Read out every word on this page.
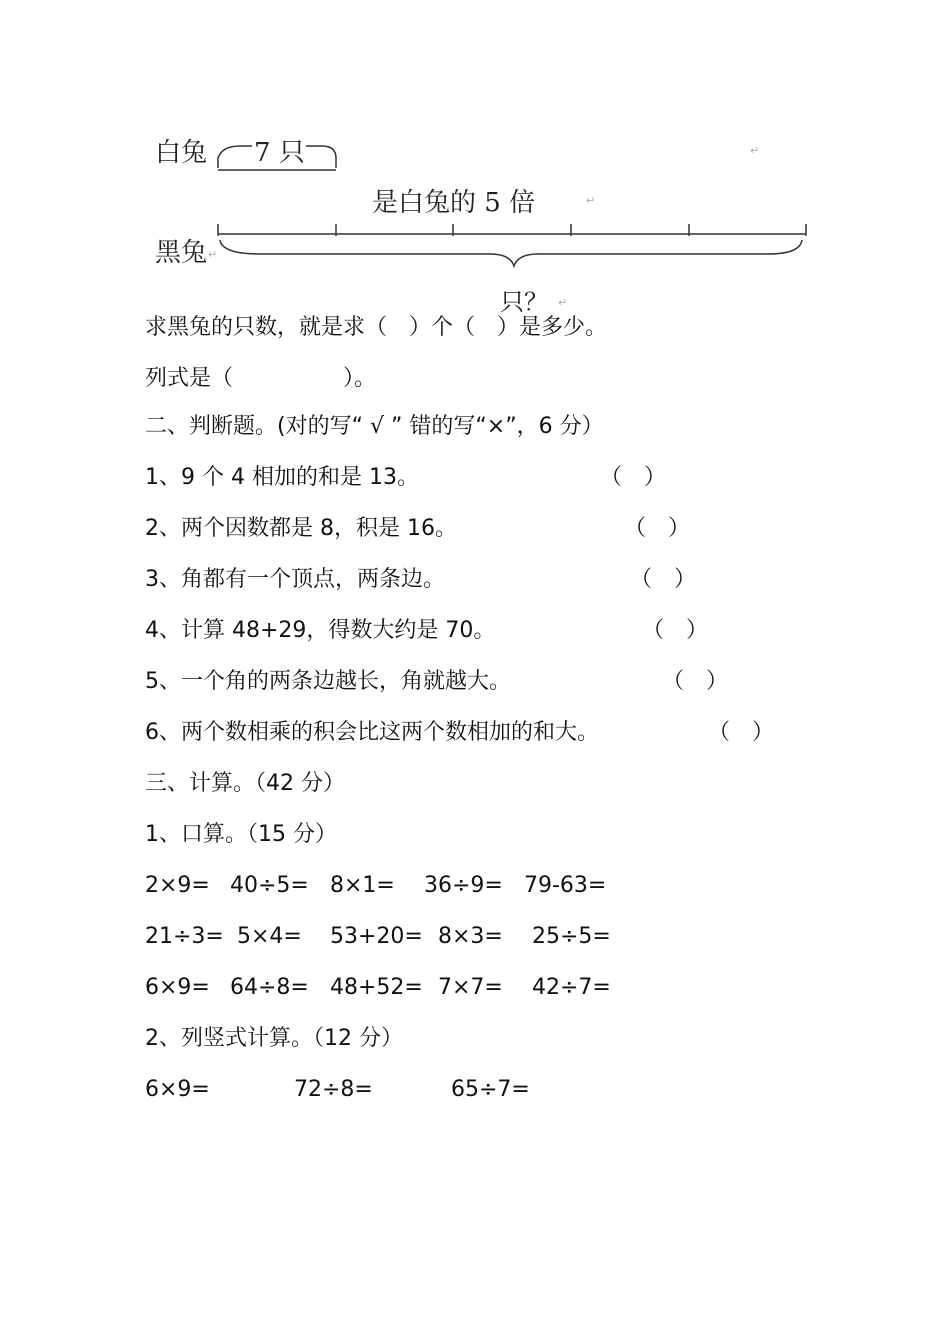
白兔 7 只	↵
是白兔的 5 倍	↵
黑兔 ↵
只？ ↵
求黑兔的只数，就是求（　）个（　）是多少。
列式是（　　　　　）。
二、判断题。(对的写“ √ ” 错的写“×”，6 分）
1、9 个 4 相加的和是 13。	（　）
2、两个因数都是 8，积是 16。	（　）
3、角都有一个顶点，两条边。	（　）
4、计算 48+29，得数大约是 70。	（　）
5、一个角的两条边越长，角就越大。	（　）
6、两个数相乘的积会比这两个数相加的和大。	（　）
三、计算。（42 分）
1、口算。（15 分）
2×9= 40÷5= 8×1= 36÷9= 79-63=
21÷3= 5×4= 53+20= 8×3= 25÷5=
6×9= 64÷8= 48+52= 7×7= 42÷7=
2、列竖式计算。（12 分）
6×9=	72÷8=	65÷7=
